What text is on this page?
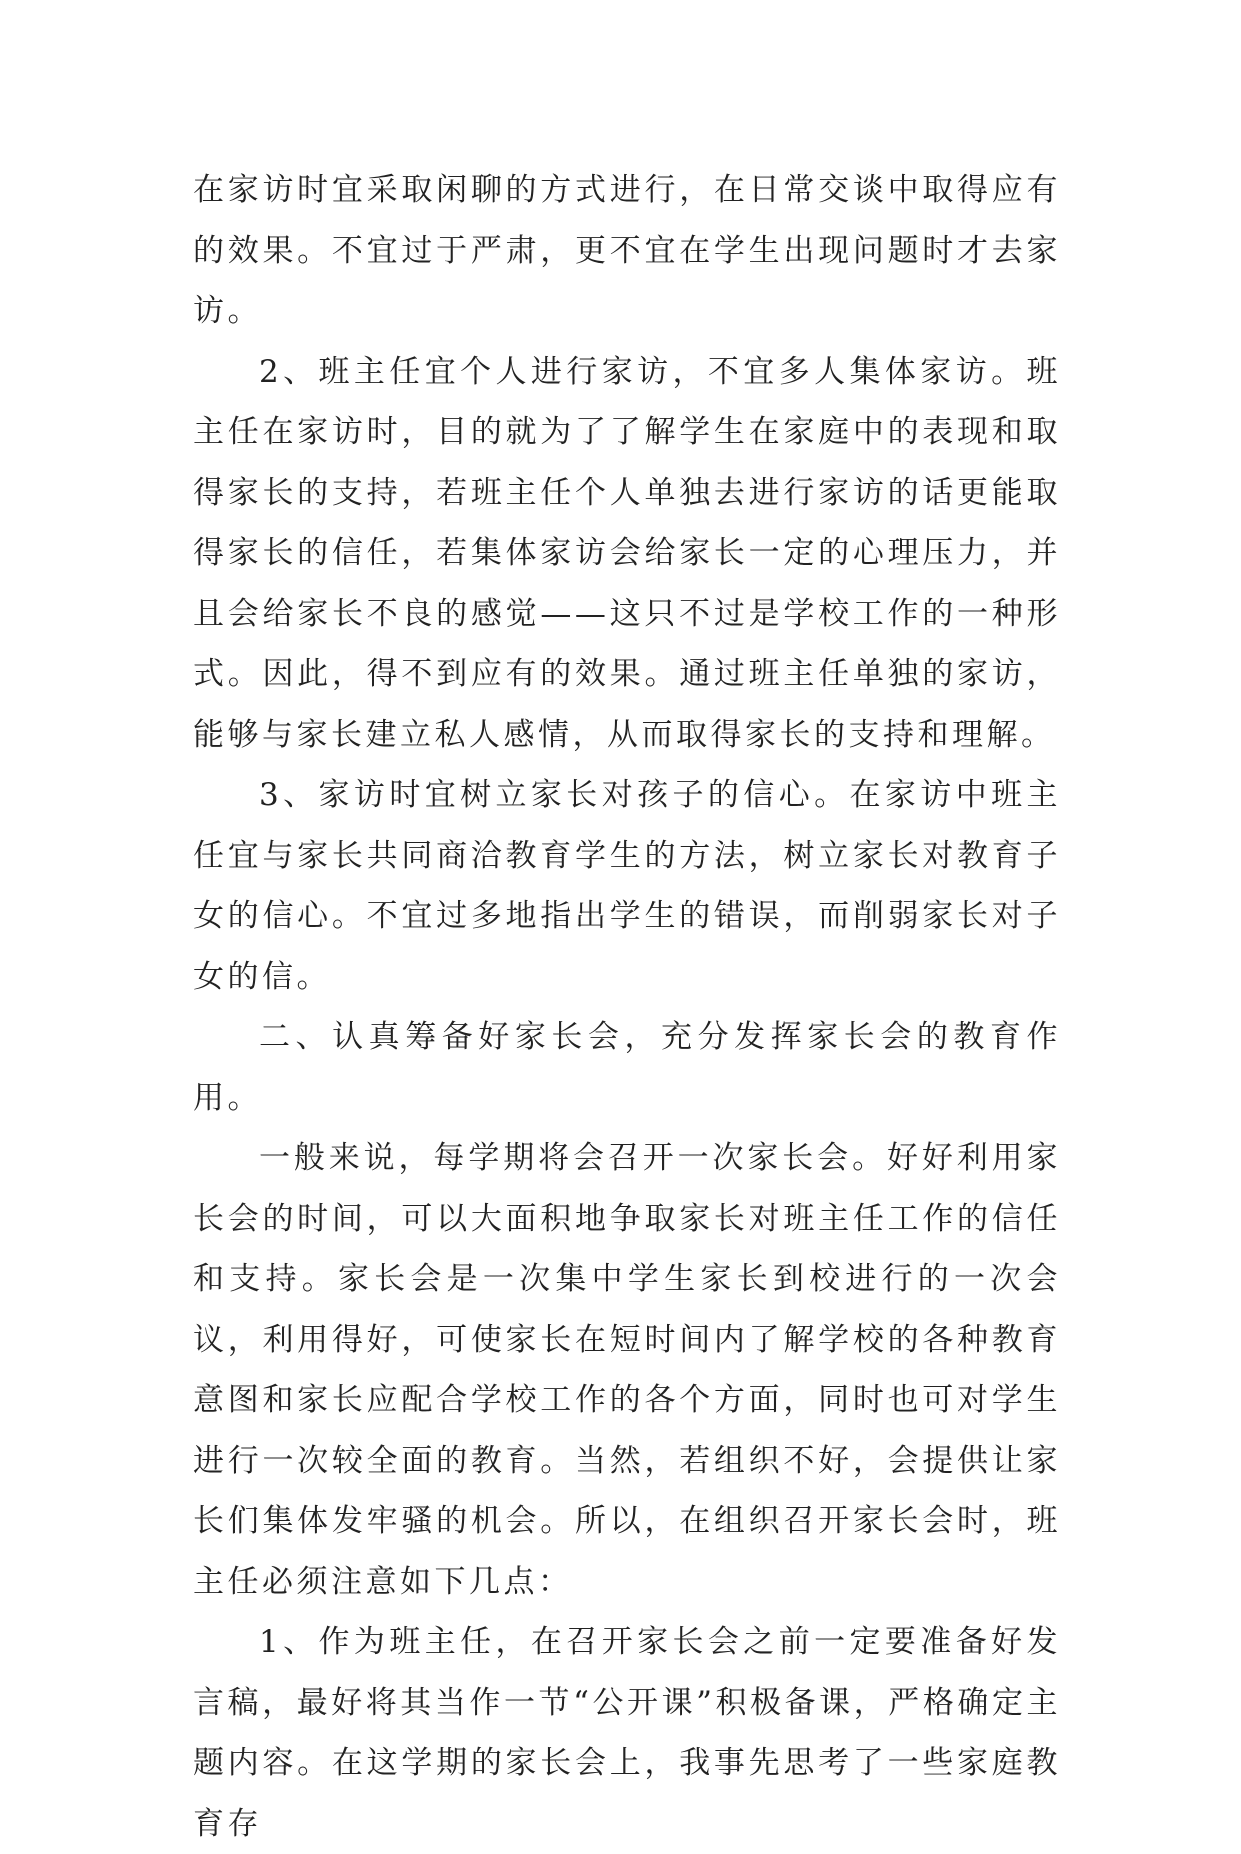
在家访时宜采取闲聊的方式进行，在日常交谈中取得应有的效果。不宜过于严肃，更不宜在学生出现问题时才去家访。

2、班主任宜个人进行家访，不宜多人集体家访。班主任在家访时，目的就为了了解学生在家庭中的表现和取得家长的支持，若班主任个人单独去进行家访的话更能取得家长的信任，若集体家访会给家长一定的心理压力，并且会给家长不良的感觉——这只不过是学校工作的一种形式。因此，得不到应有的效果。通过班主任单独的家访，能够与家长建立私人感情，从而取得家长的支持和理解。

3、家访时宜树立家长对孩子的信心。在家访中班主任宜与家长共同商洽教育学生的方法，树立家长对教育子女的信心。不宜过多地指出学生的错误，而削弱家长对子女的信。

二、认真筹备好家长会，充分发挥家长会的教育作用。

一般来说，每学期将会召开一次家长会。好好利用家长会的时间，可以大面积地争取家长对班主任工作的信任和支持。家长会是一次集中学生家长到校进行的一次会议，利用得好，可使家长在短时间内了解学校的各种教育意图和家长应配合学校工作的各个方面，同时也可对学生进行一次较全面的教育。当然，若组织不好，会提供让家长们集体发牢骚的机会。所以，在组织召开家长会时，班主任必须注意如下几点：

1、作为班主任，在召开家长会之前一定要准备好发言稿，最好将其当作一节“公开课”积极备课，严格确定主题内容。在这学期的家长会上，我事先思考了一些家庭教育存
